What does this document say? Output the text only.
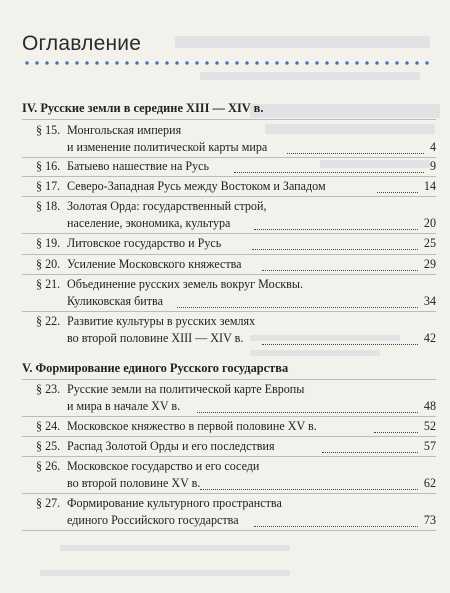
Оглавление
IV. Русские земли в середине XIII — XIV в.
§ 15. Монгольская империя
и изменение политической карты мира	4
§ 16. Батыево нашествие на Русь	9
§ 17. Северо-Западная Русь между Востоком и Западом	14
§ 18. Золотая Орда: государственный строй,
население, экономика, культура	20
§ 19. Литовское государство и Русь	25
§ 20. Усиление Московского княжества	29
§ 21. Объединение русских земель вокруг Москвы.
Куликовская битва	34
§ 22. Развитие культуры в русских землях
во второй половине XIII — XIV в.	42
V. Формирование единого Русского государства
§ 23. Русские земли на политической карте Европы
и мира в начале XV в.	48
§ 24. Московское княжество в первой половине XV в.	52
§ 25. Распад Золотой Орды и его последствия	57
§ 26. Московское государство и его соседи
во второй половине XV в.	62
§ 27. Формирование культурного пространства
единого Российского государства	73
